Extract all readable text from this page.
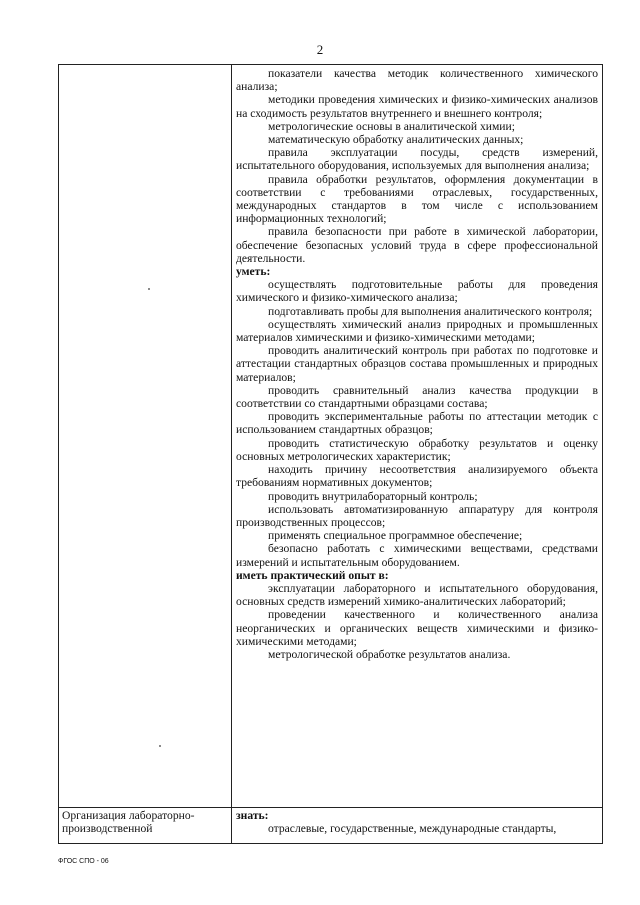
2

показатели качества методик количественного химического анализа;

методики проведения химических и физико-химических анализов на сходимость результатов внутреннего и внешнего контроля;

метрологические основы в аналитической химии;

математическую обработку аналитических данных;

правила эксплуатации посуды, средств измерений, испытательного оборудования, используемых для выполнения анализа;

правила обработки результатов, оформления документации в соответствии с требованиями отраслевых, государственных, международных стандартов в том числе с использованием информационных технологий;

правила безопасности при работе в химической лаборатории, обеспечение безопасных условий труда в сфере профессиональной деятельности.

уметь:

осуществлять подготовительные работы для проведения химического и физико-химического анализа;

подготавливать пробы для выполнения аналитического контроля;

осуществлять химический анализ природных и промышленных материалов химическими и физико-химическими методами;

проводить аналитический контроль при работах по подготовке и аттестации стандартных образцов состава промышленных и природных материалов;

проводить сравнительный анализ качества продукции в соответствии со стандартными образцами состава;

проводить экспериментальные работы по аттестации методик с использованием стандартных образцов;

проводить статистическую обработку результатов и оценку основных метрологических характеристик;

находить причину несоответствия анализируемого объекта требованиям нормативных документов;

проводить внутрилабораторный контроль;

использовать автоматизированную аппаратуру для контроля производственных процессов;

применять специальное программное обеспечение;

безопасно работать с химическими веществами, средствами измерений и испытательным оборудованием.

иметь практический опыт в:

эксплуатации лабораторного и испытательного оборудования, основных средств измерений химико-аналитических лабораторий;

проведении качественного и количественного анализа неорганических и органических веществ химическими и физико-химическими методами;

метрологической обработке результатов анализа.

Организация лабораторно-производственной

знать:

отраслевые, государственные, международные стандарты,

ФГОС СПО - 06
